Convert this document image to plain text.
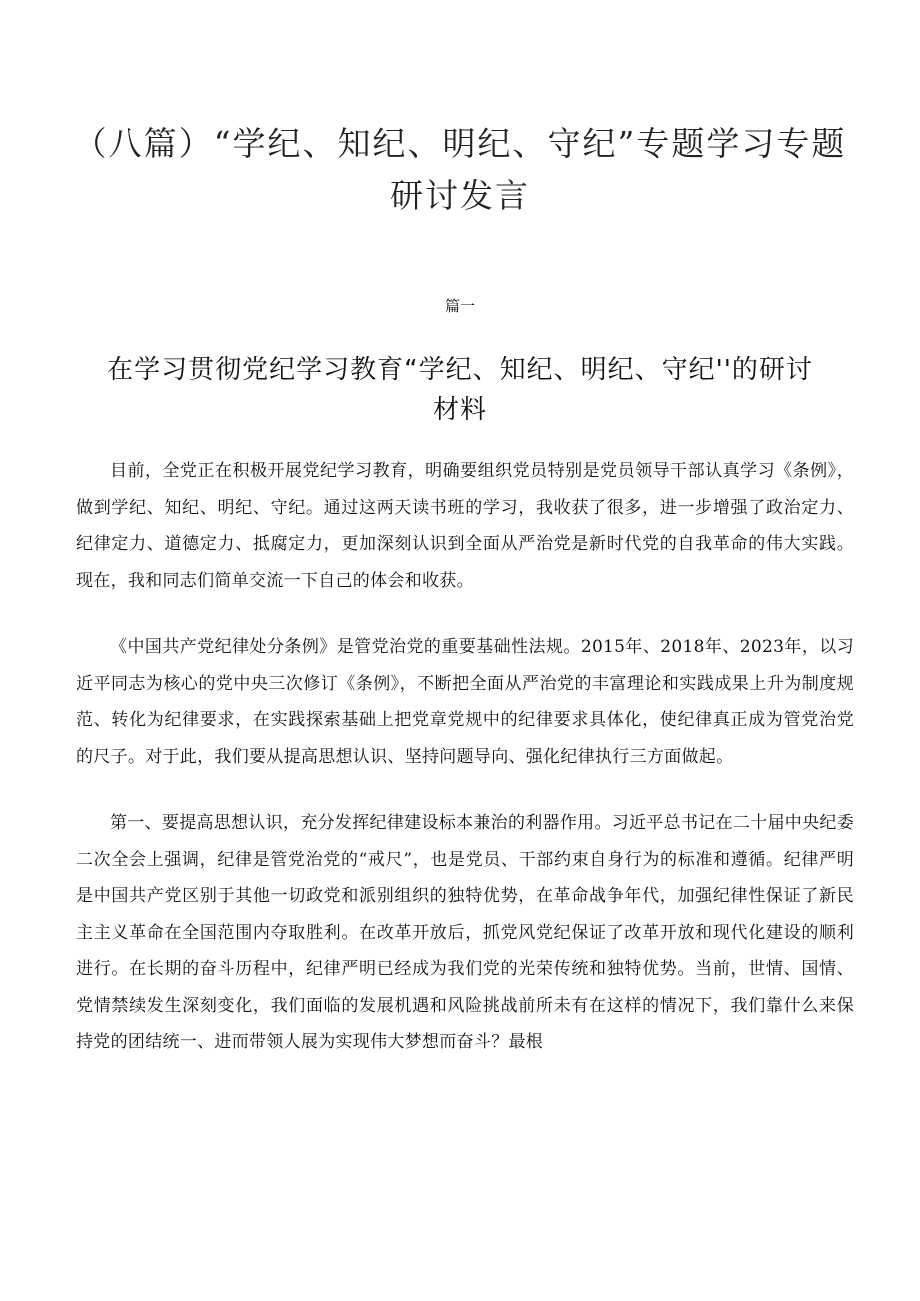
（八篇）“学纪、知纪、明纪、守纪”专题学习专题研讨发言
篇一
在学习贯彻党纪学习教育“学纪、知纪、明纪、守纪''的研讨材料

目前，全党正在积极开展党纪学习教育，明确要组织党员特别是党员领导干部认真学习《条例》，做到学纪、知纪、明纪、守纪。通过这两天读书班的学习，我收获了很多，进一步增强了政治定力、纪律定力、道德定力、抵腐定力，更加深刻认识到全面从严治党是新时代党的自我革命的伟大实践。现在，我和同志们简单交流一下自己的体会和收获。

《中国共产党纪律处分条例》是管党治党的重要基础性法规。2015年、2018年、2023年，以习近平同志为核心的党中央三次修订《条例》，不断把全面从严治党的丰富理论和实践成果上升为制度规范、转化为纪律要求，在实践探索基础上把党章党规中的纪律要求具体化，使纪律真正成为管党治党的尺子。对于此，我们要从提高思想认识、坚持问题导向、强化纪律执行三方面做起。

第一、要提高思想认识，充分发挥纪律建设标本兼治的利器作用。习近平总书记在二十届中央纪委二次全会上强调，纪律是管党治党的“戒尺”，也是党员、干部约束自身行为的标准和遵循。纪律严明是中国共产党区别于其他一切政党和派别组织的独特优势，在革命战争年代，加强纪律性保证了新民主主义革命在全国范围内夺取胜利。在改革开放后，抓党风党纪保证了改革开放和现代化建设的顺利进行。在长期的奋斗历程中，纪律严明已经成为我们党的光荣传统和独特优势。当前，世情、国情、党情禁续发生深刻变化，我们面临的发展机遇和风险挑战前所未有在这样的情况下，我们靠什么来保持党的团结统一、进而带领人展为实现伟大梦想而奋斗？最根
